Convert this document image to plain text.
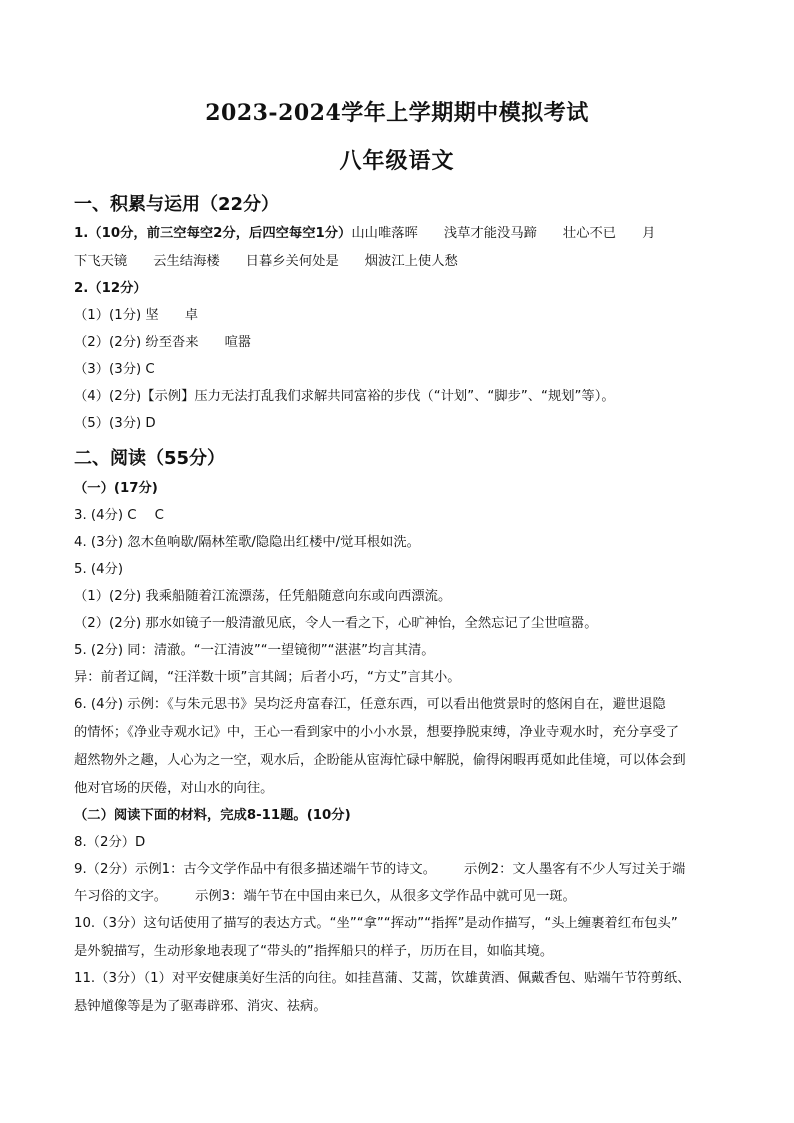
2023-2024学年上学期期中模拟考试
八年级语文
一、积累与运用（22分）
1.（10分，前三空每空2分，后四空每空1分）山山唯落晖 浅草才能没马蹄 壮心不已 月
下飞天镜 云生结海楼 日暮乡关何处是 烟波江上使人愁
2.（12分）
（1）(1分) 坚 卓
（2）(2分) 纷至沓来 喧嚣
（3）(3分) C
（4）(2分)【示例】压力无法打乱我们求解共同富裕的步伐（“计划”、“脚步”、“规划”等）。
（5）(3分) D
二、阅读（55分）
（一）(17分)
3. (4分) C C
4. (3分) 忽木鱼响歇/隔林笙歌/隐隐出红楼中/觉耳根如洗。
5. (4分)
（1）(2分) 我乘船随着江流漂荡，任凭船随意向东或向西漂流。
（2）(2分) 那水如镜子一般清澈见底，令人一看之下，心旷神怡，全然忘记了尘世喧嚣。
5. (2分) 同：清澈。“一江清波”“一望镜彻”“湛湛”均言其清。
异：前者辽阔，“汪洋数十顷”言其阔；后者小巧，“方丈”言其小。
6. (4分) 示例：《与朱元思书》吴均泛舟富春江，任意东西，可以看出他赏景时的悠闲自在，避世退隐
的情怀；《净业寺观水记》中，王心一看到家中的小小水景，想要挣脱束缚，净业寺观水时，充分享受了
超然物外之趣，人心为之一空，观水后，企盼能从宦海忙碌中解脱，偷得闲暇再觅如此佳境，可以体会到
他对官场的厌倦，对山水的向往。
（二）阅读下面的材料，完成8-11题。(10分)
8.（2分）D
9.（2分）示例1：古今文学作品中有很多描述端午节的诗文。 示例2：文人墨客有不少人写过关于端
午习俗的文字。 示例3：端午节在中国由来已久，从很多文学作品中就可见一斑。
10.（3分）这句话使用了描写的表达方式。“坐”“拿”“挥动”“指挥”是动作描写，“头上缠裹着红布包头”
是外貌描写，生动形象地表现了“带头的”指挥船只的样子，历历在目，如临其境。
11.（3分）（1）对平安健康美好生活的向往。如挂菖蒲、艾蒿，饮雄黄酒、佩戴香包、贴端午节符剪纸、
悬钟馗像等是为了驱毒辟邪、消灾、祛病。
